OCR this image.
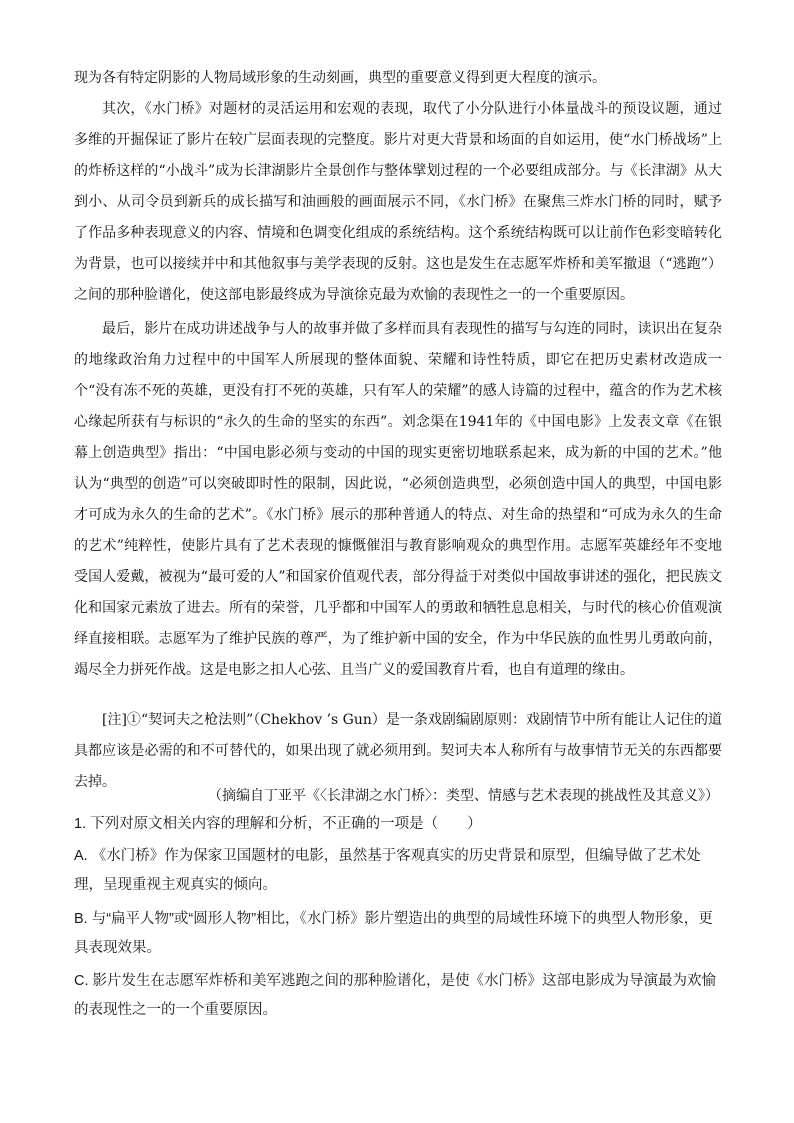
现为各有特定阴影的人物局域形象的生动刻画，典型的重要意义得到更大程度的演示。

其次，《水门桥》对题材的灵活运用和宏观的表现，取代了小分队进行小体量战斗的预设议题，通过多维的开掘保证了影片在较广层面表现的完整度。影片对更大背景和场面的自如运用，使“水门桥战场”上的炸桥这样的“小战斗”成为长津湖影片全景创作与整体擘划过程的一个必要组成部分。与《长津湖》从大到小、从司令员到新兵的成长描写和油画般的画面展示不同，《水门桥》在聚焦三炸水门桥的同时，赋予了作品多种表现意义的内容、情境和色调变化组成的系统结构。这个系统结构既可以让前作色彩变暗转化为背景，也可以接续并中和其他叙事与美学表现的反射。这也是发生在志愿军炸桥和美军撤退（“逃跑”）之间的那种脸谱化，使这部电影最终成为导演徐克最为欢愉的表现性之一的一个重要原因。

最后，影片在成功讲述战争与人的故事并做了多样而具有表现性的描写与勾连的同时，读识出在复杂的地缘政治角力过程中的中国军人所展现的整体面貌、荣耀和诗性特质，即它在把历史素材改造成一个“没有冻不死的英雄，更没有打不死的英雄，只有军人的荣耀”的感人诗篇的过程中，蕴含的作为艺术核心缘起所获有与标识的“永久的生命的坚实的东西”。刘念渠在1941年的《中国电影》上发表文章《在银幕上创造典型》指出：“中国电影必须与变动的中国的现实更密切地联系起来，成为新的中国的艺术。”他认为“典型的创造”可以突破即时性的限制，因此说，“必须创造典型，必须创造中国人的典型，中国电影才可成为永久的生命的艺术”。《水门桥》展示的那种普通人的特点、对生命的热望和“可成为永久的生命的艺术”纯粹性，使影片具有了艺术表现的慷慨催泪与教育影响观众的典型作用。志愿军英雄经年不变地受国人爱戴，被视为“最可爱的人”和国家价值观代表，部分得益于对类似中国故事讲述的强化，把民族文化和国家元素放了进去。所有的荣誉，几乎都和中国军人的勇敢和牺牲息息相关，与时代的核心价值观演绎直接相联。志愿军为了维护民族的尊严，为了维护新中国的安全，作为中华民族的血性男儿勇敢向前，竭尽全力拼死作战。这是电影之扣人心弦、且当广义的爱国教育片看，也自有道理的缘由。

[注]①“契诃夫之枪法则”（Chekhov ’s Gun）是一条戏剧编剧原则：戏剧情节中所有能让人记住的道具都应该是必需的和不可替代的，如果出现了就必须用到。契诃夫本人称所有与故事情节无关的东西都要去掉。

（摘编自丁亚平《〈长津湖之水门桥〉：类型、情感与艺术表现的挑战性及其意义》）

1. 下列对原文相关内容的理解和分析，不正确的一项是（　　）
A. 《水门桥》作为保家卫国题材的电影，虽然基于客观真实的历史背景和原型，但编导做了艺术处理，呈现重视主观真实的倾向。
B. 与“扁平人物”或“圆形人物”相比，《水门桥》影片塑造出的典型的局域性环境下的典型人物形象，更具表现效果。
C. 影片发生在志愿军炸桥和美军逃跑之间的那种脸谱化，是使《水门桥》这部电影成为导演最为欢愉的表现性之一的一个重要原因。
